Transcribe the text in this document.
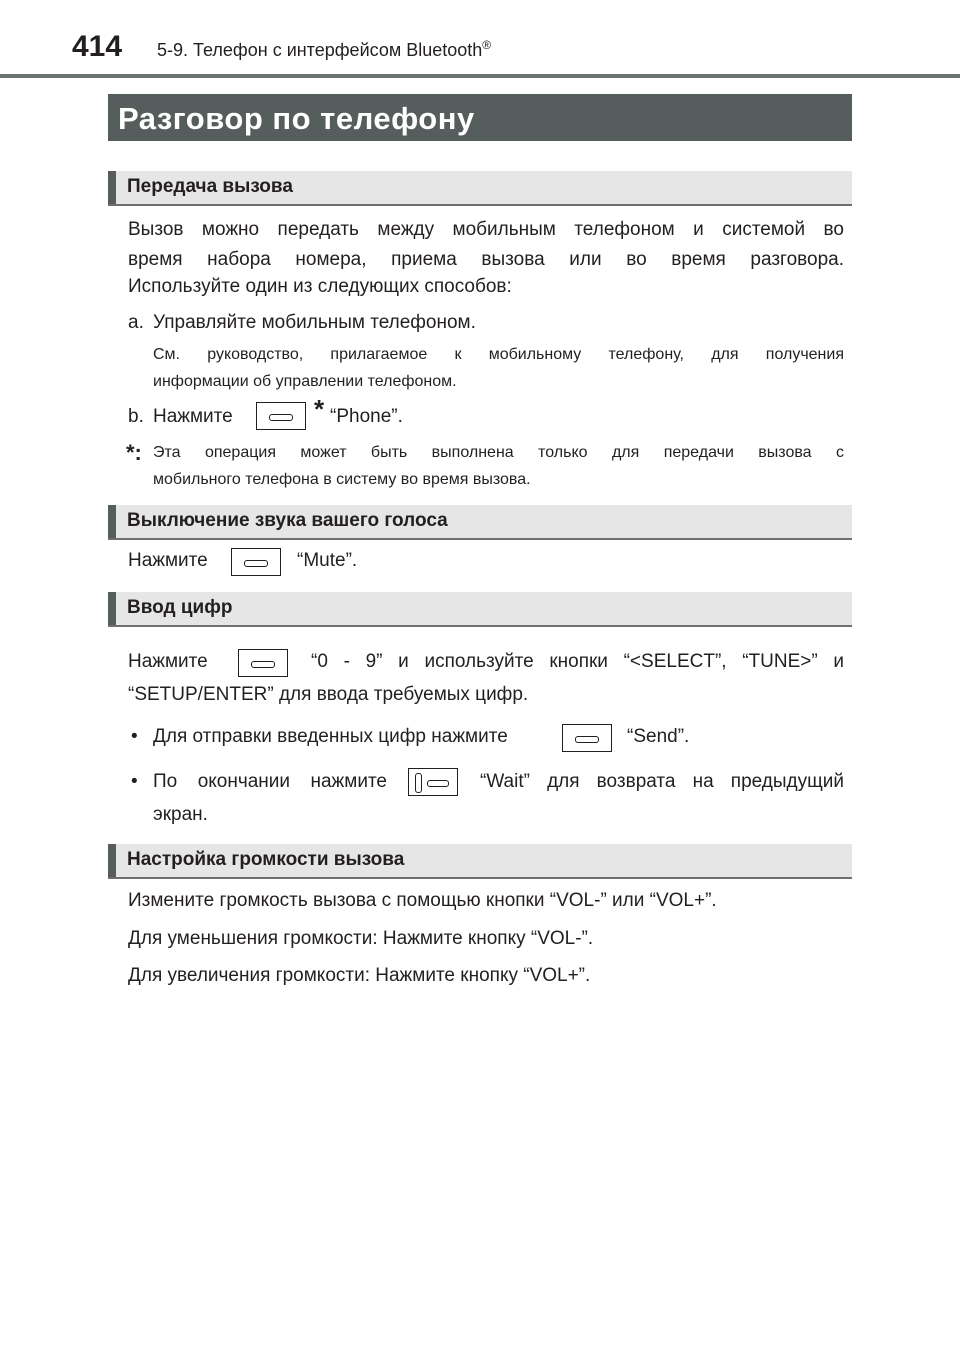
414 5-9. Телефон с интерфейсом Bluetooth®
Разговор по телефону
Передача вызова
Вызов можно передать между мобильным телефоном и системой во
время набора номера, приема вызова или во время разговора.
Используйте один из следующих способов:
a. Управляйте мобильным телефоном.
См. руководство, прилагаемое к мобильному телефону, для получения
информации об управлении телефоном.
b. Нажмите	* “Phone”.
*: Эта операция может быть выполнена только для передачи вызова с
мобильного телефона в систему во время вызова.
Выключение звука вашего голоса
Нажмите	“Mute”.
Ввод цифр
Нажмите	“0 - 9” и используйте кнопки “<SELECT”, “TUNE>” и
“SETUP/ENTER” для ввода требуемых цифр.
• Для отправки введенных цифр нажмите	“Send”.
• По окончании нажмите	“Wait” для возврата на предыдущий
экран.
Настройка громкости вызова
Измените громкость вызова с помощью кнопки “VOL-” или “VOL+”.
Для уменьшения громкости: Нажмите кнопку “VOL-”.
Для увеличения громкости: Нажмите кнопку “VOL+”.
